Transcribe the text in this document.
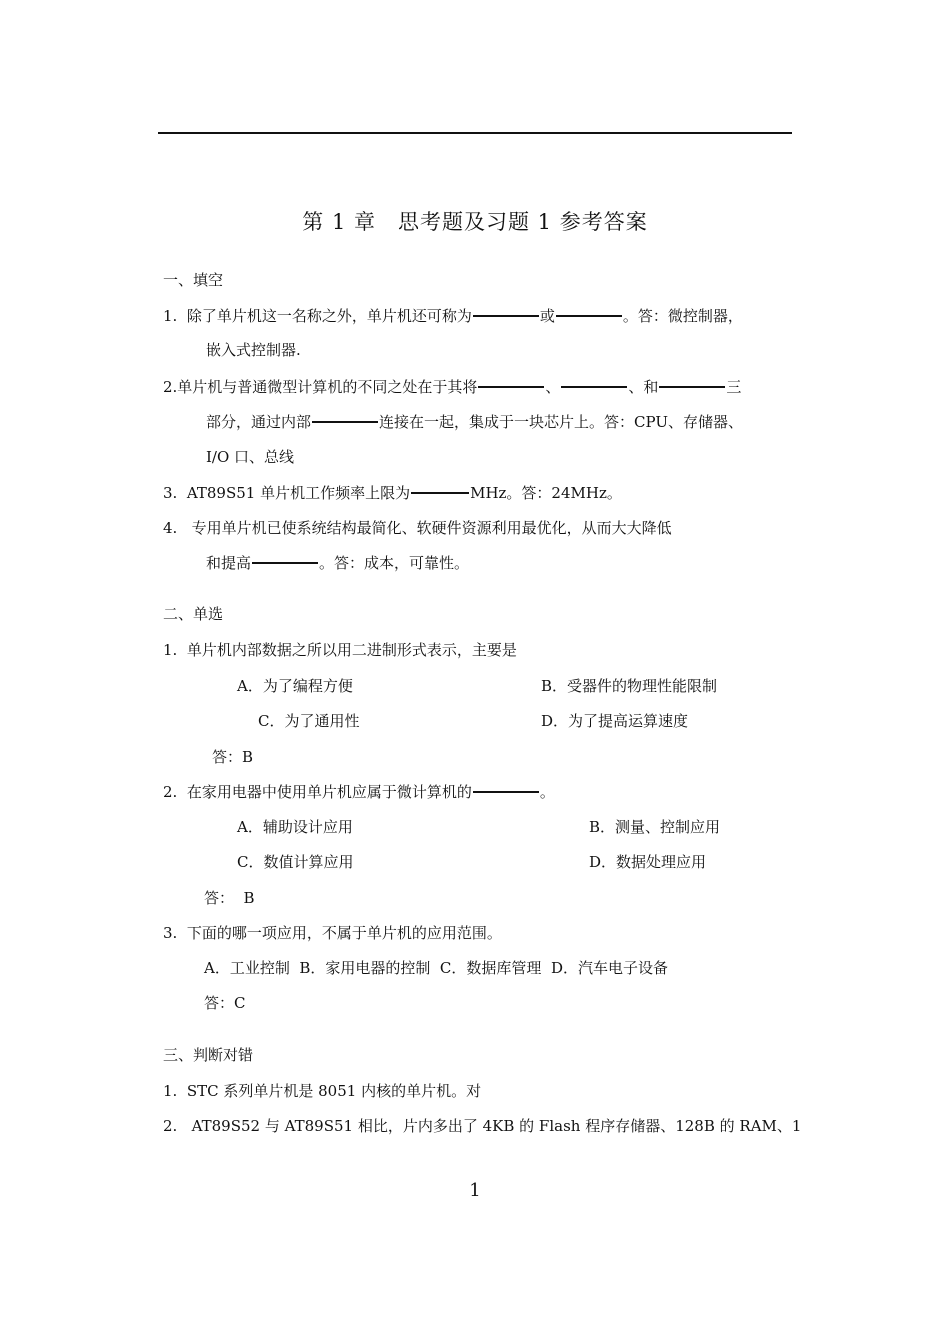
第 1 章　思考题及习题 1 参考答案
一、填空
1.  除了单片机这一名称之外，单片机还可称为	或	。答：微控制器，
嵌入式控制器.
2.单片机与普通微型计算机的不同之处在于其将	、	、和	三
部分，通过内部	连接在一起，集成于一块芯片上。答：CPU、存储器、
I/O 口、总线
3.  AT89S51 单片机工作频率上限为	MHz。答：24MHz。
4.   专用单片机已使系统结构最简化、软硬件资源利用最优化，从而大大降低
和提高	。答：成本，可靠性。
二、单选
1.  单片机内部数据之所以用二进制形式表示，主要是
A．为了编程方便	B．受器件的物理性能限制
C．为了通用性	D．为了提高运算速度
答：B
2.  在家用电器中使用单片机应属于微计算机的	。
A．辅助设计应用	B．测量、控制应用
C．数值计算应用	D．数据处理应用
答：  B
3.  下面的哪一项应用，不属于单片机的应用范围。
A．工业控制  B．家用电器的控制  C．数据库管理  D．汽车电子设备
答：C
三、判断对错
1.  STC 系列单片机是 8051 内核的单片机。对
2.   AT89S52 与 AT89S51 相比，片内多出了 4KB 的 Flash 程序存储器、128B 的 RAM、1
1
